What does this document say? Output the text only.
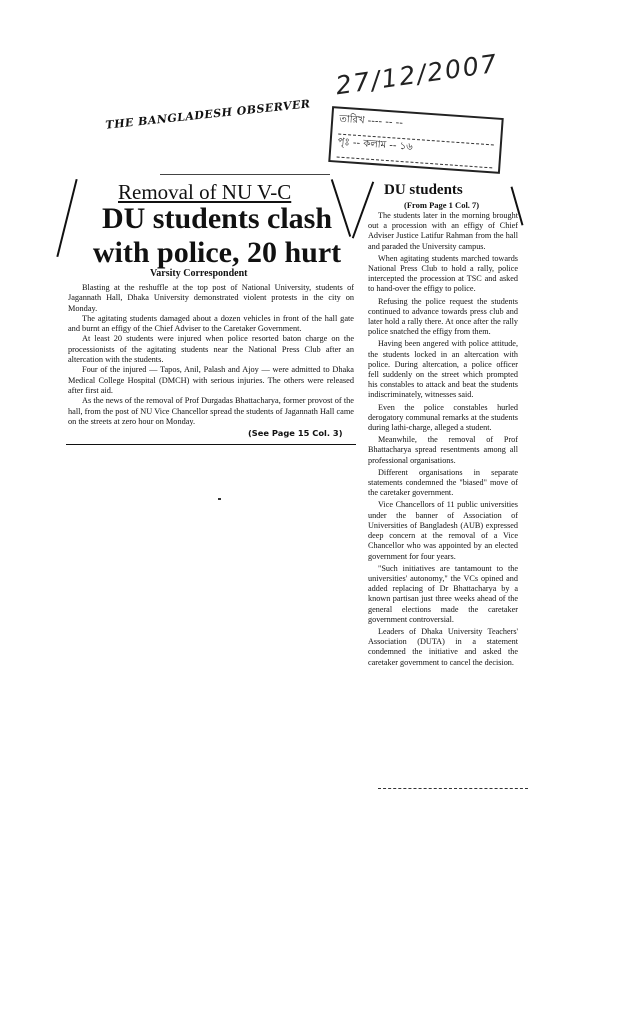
27/12/2007
তারিখ ---- -- --
পৃঃ -- কলাম -- ১৬
THE BANGLADESH OBSERVER
Removal of NU V-C
DU students clash with police, 20 hurt
Varsity Correspondent

Blasting at the reshuffle at the top post of National University, students of Jagannath Hall, Dhaka University demonstrated violent protests in the city on Monday.

The agitating students damaged about a dozen vehicles in front of the hall gate and burnt an effigy of the Chief Adviser to the Caretaker Government.

At least 20 students were injured when police resorted baton charge on the processionists of the agitating students near the National Press Club after an altercation with the students.

Four of the injured — Tapos, Anil, Palash and Ajoy — were admitted to Dhaka Medical College Hospital (DMCH) with serious injuries. The others were released after first aid.

As the news of the removal of Prof Durgadas Bhattacharya, former provost of the hall, from the post of NU Vice Chancellor spread the students of Jagannath Hall came on the streets at zero hour on Monday.

(See Page 15 Col. 3)
DU students
(From Page 1 Col. 7)

The students later in the morning brought out a procession with an effigy of Chief Adviser Justice Latifur Rahman from the hall and paraded the University campus.

When agitating students marched towards National Press Club to hold a rally, police intercepted the procession at TSC and asked to hand-over the effigy to police.

Refusing the police request the students continued to advance towards press club and later hold a rally there. At once after the rally police snatched the effigy from them.

Having been angered with police attitude, the students locked in an altercation with police. During altercation, a police officer fell suddenly on the street which prompted his constables to attack and beat the students indiscriminately, witnesses said.

Even the police constables hurled derogatory communal remarks at the students during lathi-charge, alleged a student.

Meanwhile, the removal of Prof Bhattacharya spread resentments among all professional organisations.

Different organisations in separate statements condemned the "biased" move of the caretaker government.

Vice Chancellors of 11 public universities under the banner of Association of Universities of Bangladesh (AUB) expressed deep concern at the removal of a Vice Chancellor who was appointed by an elected government for four years.

"Such initiatives are tantamount to the universities' autonomy," the VCs opined and added replacing of Dr Bhattacharya by a known partisan just three weeks ahead of the general elections made the caretaker government controversial.

Leaders of Dhaka University Teachers' Association (DUTA) in a statement condemned the initiative and asked the caretaker government to cancel the decision.
